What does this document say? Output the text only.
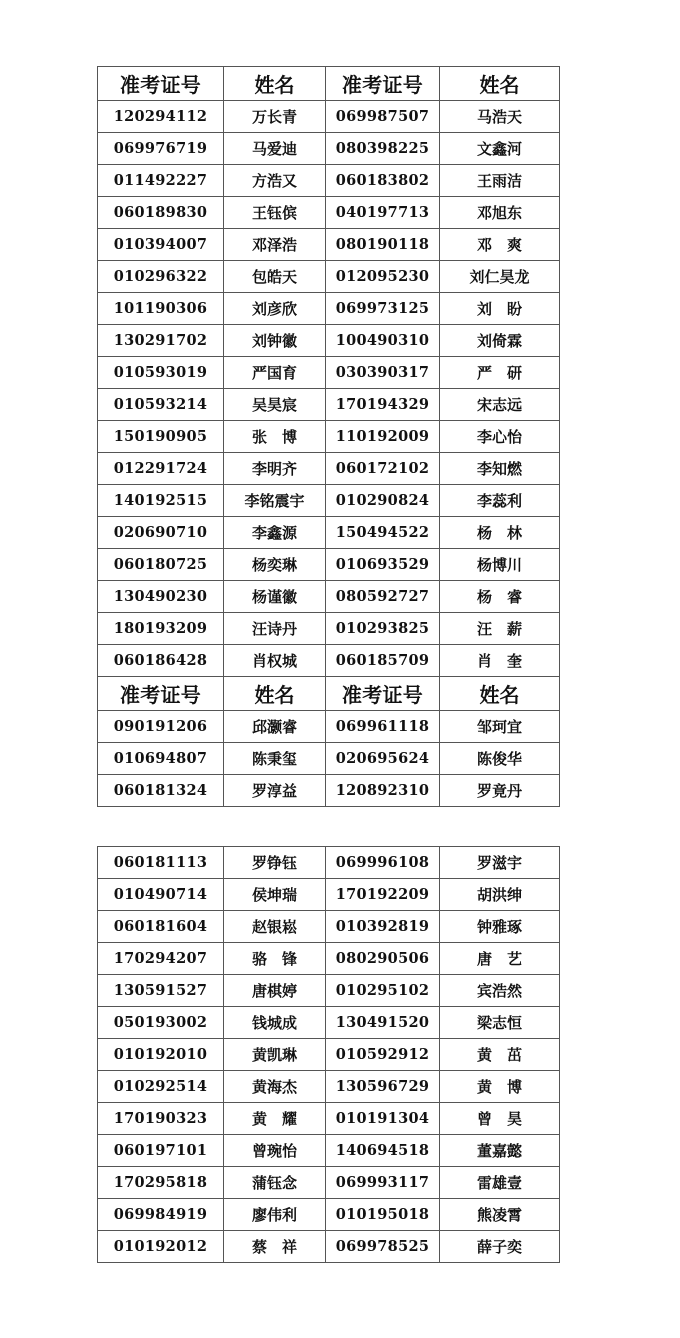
准考证号	姓名	准考证号	姓名
120294112	万长青	069987507	马浩天
069976719	马爱迪	080398225	文鑫河
011492227	方浩又	060183802	王雨洁
060189830	王钰傧	040197713	邓旭东
010394007	邓泽浩	080190118	邓　爽
010296322	包皓天	012095230	刘仁昊龙
101190306	刘彦欣	069973125	刘　盼
130291702	刘钟徽	100490310	刘倚霖
010593019	严国育	030390317	严　研
010593214	吴昊宸	170194329	宋志远
150190905	张　博	110192009	李心怡
012291724	李明齐	060172102	李知燃
140192515	李铭震宇	010290824	李蕊利
020690710	李鑫源	150494522	杨　林
060180725	杨奕琳	010693529	杨博川
130490230	杨谨徽	080592727	杨　睿
180193209	汪诗丹	010293825	汪　薪
060186428	肖权城	060185709	肖　奎
准考证号	姓名	准考证号	姓名
090191206	邱灏睿	069961118	邹珂宜
010694807	陈秉玺	020695624	陈俊华
060181324	罗淳益	120892310	罗竟丹
060181113	罗铮钰	069996108	罗滋宇
010490714	侯坤瑞	170192209	胡洪绅
060181604	赵银崧	010392819	钟雅琢
170294207	骆　锋	080290506	唐　艺
130591527	唐棋婷	010295102	宾浩然
050193002	钱城成	130491520	梁志恒
010192010	黄凯琳	010592912	黄　茁
010292514	黄海杰	130596729	黄　博
170190323	黄　耀	010191304	曾　昊
060197101	曾琬怡	140694518	董嘉懿
170295818	蒲钰念	069993117	雷雄壹
069984919	廖伟利	010195018	熊凌霄
010192012	蔡　祥	069978525	薛子奕
